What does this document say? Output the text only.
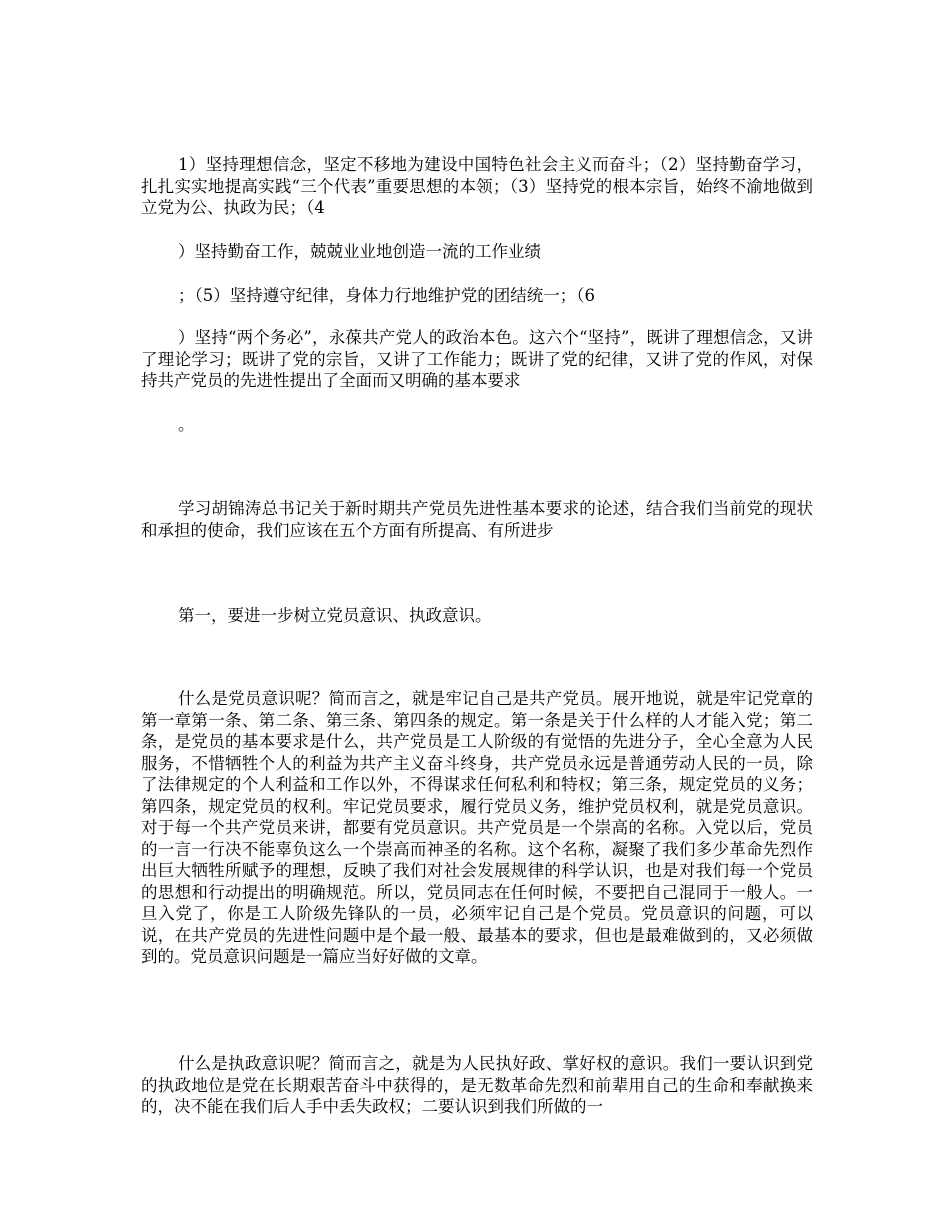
1）坚持理想信念，坚定不移地为建设中国特色社会主义而奋斗；（2）坚持勤奋学习，扎扎实实地提高实践“三个代表”重要思想的本领；（3）坚持党的根本宗旨，始终不渝地做到立党为公、执政为民；（4

）坚持勤奋工作，兢兢业业地创造一流的工作业绩

；（5）坚持遵守纪律，身体力行地维护党的团结统一；（6

）坚持“两个务必”，永葆共产党人的政治本色。这六个“坚持”，既讲了理想信念，又讲了理论学习；既讲了党的宗旨，又讲了工作能力；既讲了党的纪律，又讲了党的作风，对保持共产党员的先进性提出了全面而又明确的基本要求

。

学习胡锦涛总书记关于新时期共产党员先进性基本要求的论述，结合我们当前党的现状和承担的使命，我们应该在五个方面有所提高、有所进步

第一，要进一步树立党员意识、执政意识。

什么是党员意识呢？简而言之，就是牢记自己是共产党员。展开地说，就是牢记党章的第一章第一条、第二条、第三条、第四条的规定。第一条是关于什么样的人才能入党；第二条，是党员的基本要求是什么，共产党员是工人阶级的有觉悟的先进分子，全心全意为人民服务，不惜牺牲个人的利益为共产主义奋斗终身，共产党员永远是普通劳动人民的一员，除了法律规定的个人利益和工作以外，不得谋求任何私利和特权；第三条，规定党员的义务；第四条，规定党员的权利。牢记党员要求，履行党员义务，维护党员权利，就是党员意识。对于每一个共产党员来讲，都要有党员意识。共产党员是一个崇高的名称。入党以后，党员的一言一行决不能辜负这么一个崇高而神圣的名称。这个名称，凝聚了我们多少革命先烈作出巨大牺牲所赋予的理想，反映了我们对社会发展规律的科学认识，也是对我们每一个党员的思想和行动提出的明确规范。所以，党员同志在任何时候，不要把自己混同于一般人。一旦入党了，你是工人阶级先锋队的一员，必须牢记自己是个党员。党员意识的问题，可以说，在共产党员的先进性问题中是个最一般、最基本的要求，但也是最难做到的，又必须做到的。党员意识问题是一篇应当好好做的文章。

什么是执政意识呢？简而言之，就是为人民执好政、掌好权的意识。我们一要认识到党的执政地位是党在长期艰苦奋斗中获得的，是无数革命先烈和前辈用自己的生命和奉献换来的，决不能在我们后人手中丢失政权；二要认识到我们所做的一
